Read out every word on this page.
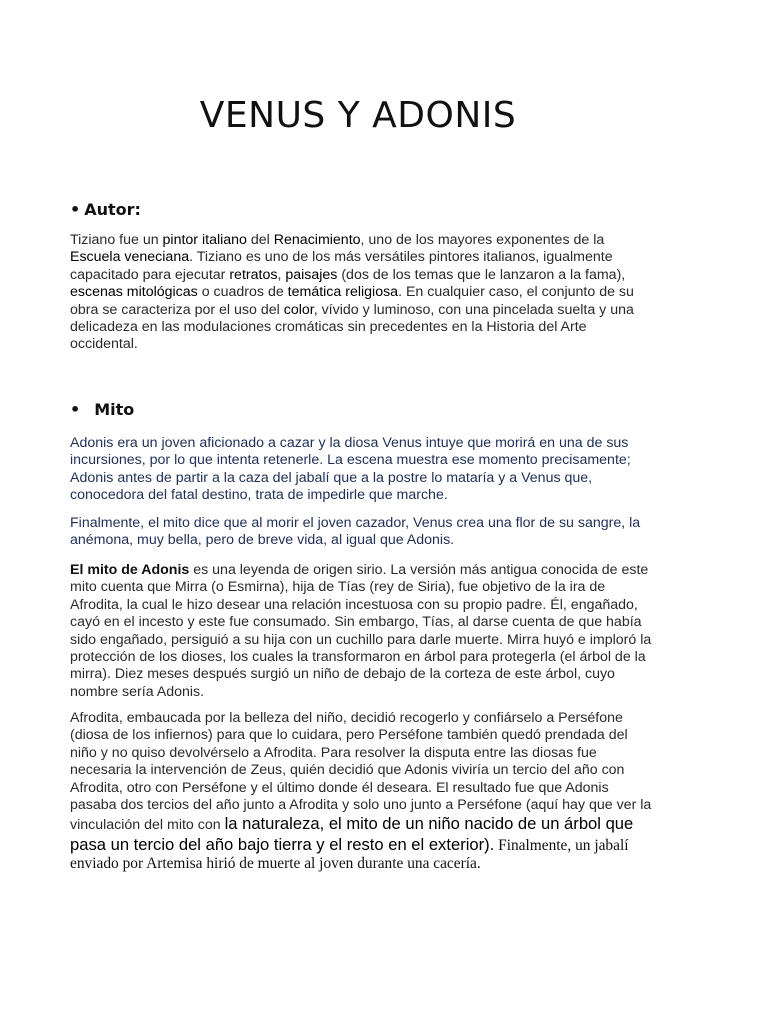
VENUS Y ADONIS
• Autor:

Tiziano fue un pintor italiano del Renacimiento, uno de los mayores exponentes de la Escuela veneciana. Tiziano es uno de los más versátiles pintores italianos, igualmente capacitado para ejecutar retratos, paisajes (dos de los temas que le lanzaron a la fama), escenas mitológicas o cuadros de temática religiosa. En cualquier caso, el conjunto de su obra se caracteriza por el uso del color, vívido y luminoso, con una pincelada suelta y una delicadeza en las modulaciones cromáticas sin precedentes en la Historia del Arte occidental.

• Mito

Adonis era un joven aficionado a cazar y la diosa Venus intuye que morirá en una de sus incursiones, por lo que intenta retenerle. La escena muestra ese momento precisamente; Adonis antes de partir a la caza del jabalí que a la postre lo mataría y a Venus que, conocedora del fatal destino, trata de impedirle que marche.

Finalmente, el mito dice que al morir el joven cazador, Venus crea una flor de su sangre, la anémona, muy bella, pero de breve vida, al igual que Adonis.

El mito de Adonis es una leyenda de origen sirio. La versión más antigua conocida de este mito cuenta que Mirra (o Esmirna), hija de Tías (rey de Siria), fue objetivo de la ira de Afrodita, la cual le hizo desear una relación incestuosa con su propio padre. Él, engañado, cayó en el incesto y este fue consumado. Sin embargo, Tías, al darse cuenta de que había sido engañado, persiguió a su hija con un cuchillo para darle muerte. Mirra huyó e imploró la protección de los dioses, los cuales la transformaron en árbol para protegerla (el árbol de la mirra). Diez meses después surgió un niño de debajo de la corteza de este árbol, cuyo nombre sería Adonis.

Afrodita, embaucada por la belleza del niño, decidió recogerlo y confiárselo a Perséfone (diosa de los infiernos) para que lo cuidara, pero Perséfone también quedó prendada del niño y no quiso devolvérselo a Afrodita. Para resolver la disputa entre las diosas fue necesaria la intervención de Zeus, quién decidió que Adonis viviría un tercio del año con Afrodita, otro con Perséfone y el último donde él deseara. El resultado fue que Adonis pasaba dos tercios del año junto a Afrodita y solo uno junto a Perséfone (aquí hay que ver la vinculación del mito con la naturaleza, el mito de un niño nacido de un árbol que pasa un tercio del año bajo tierra y el resto en el exterior). Finalmente, un jabalí enviado por Artemisa hirió de muerte al joven durante una cacería.
